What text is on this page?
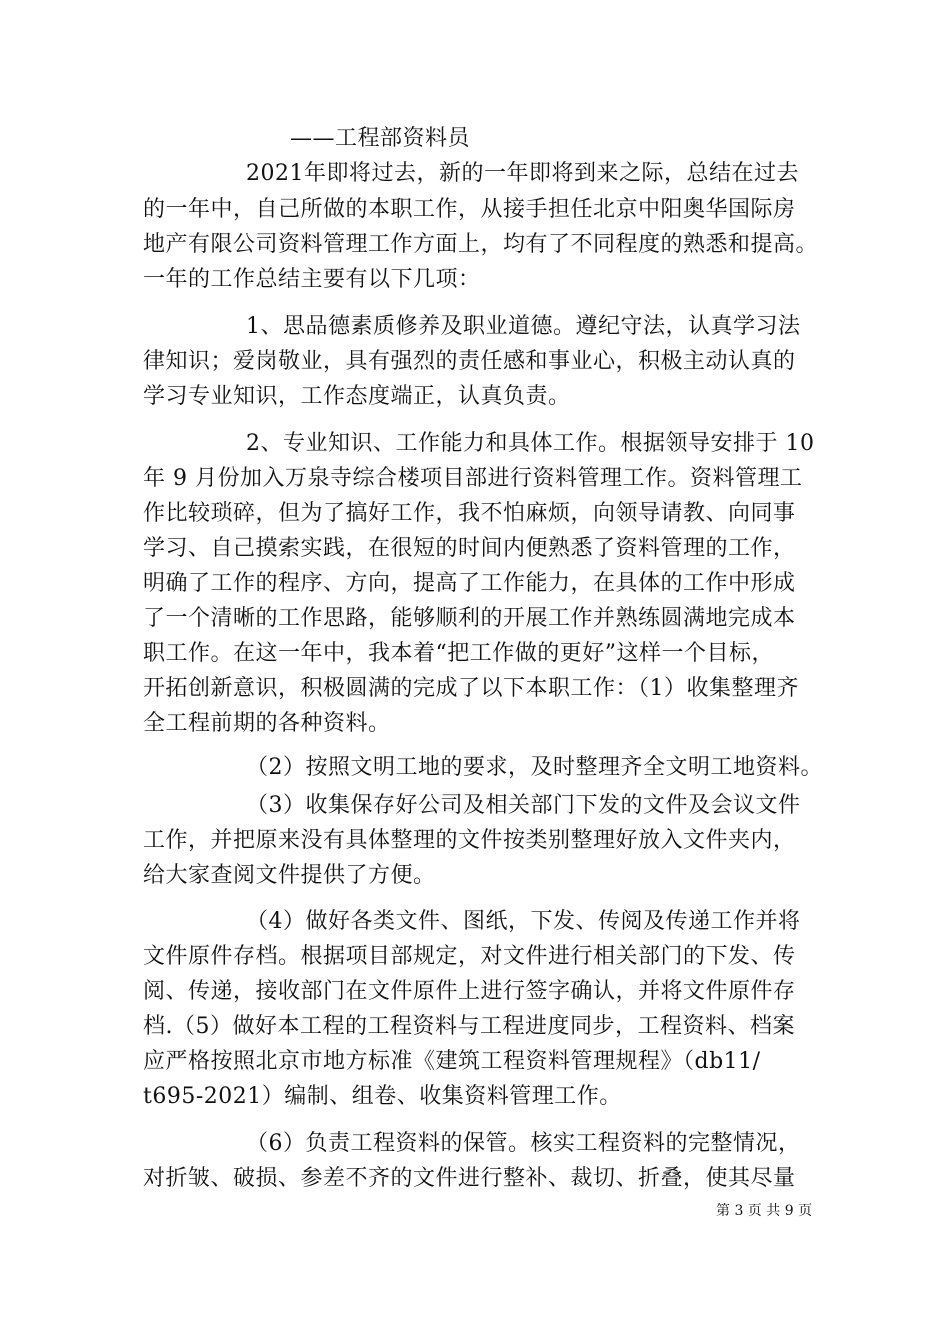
——工程部资料员
2021年即将过去，新的一年即将到来之际，总结在过去
的一年中，自己所做的本职工作，从接手担任北京中阳奥华国际房
地产有限公司资料管理工作方面上，均有了不同程度的熟悉和提高。
一年的工作总结主要有以下几项：
1、思品德素质修养及职业道德。遵纪守法，认真学习法
律知识；爱岗敬业，具有强烈的责任感和事业心，积极主动认真的
学习专业知识，工作态度端正，认真负责。
2、专业知识、工作能力和具体工作。根据领导安排于 10
年 9 月份加入万泉寺综合楼项目部进行资料管理工作。资料管理工
作比较琐碎，但为了搞好工作，我不怕麻烦，向领导请教、向同事
学习、自己摸索实践，在很短的时间内便熟悉了资料管理的工作，
明确了工作的程序、方向，提高了工作能力，在具体的工作中形成
了一个清晰的工作思路，能够顺利的开展工作并熟练圆满地完成本
职工作。在这一年中，我本着“把工作做的更好”这样一个目标，
开拓创新意识，积极圆满的完成了以下本职工作：（1）收集整理齐
全工程前期的各种资料。
（2）按照文明工地的要求，及时整理齐全文明工地资料。
（3）收集保存好公司及相关部门下发的文件及会议文件
工作，并把原来没有具体整理的文件按类别整理好放入文件夹内，
给大家查阅文件提供了方便。
（4）做好各类文件、图纸，下发、传阅及传递工作并将
文件原件存档。根据项目部规定，对文件进行相关部门的下发、传
阅、传递，接收部门在文件原件上进行签字确认，并将文件原件存
档.（5）做好本工程的工程资料与工程进度同步，工程资料、档案
应严格按照北京市地方标准《建筑工程资料管理规程》（db11/
t695-2021）编制、组卷、收集资料管理工作。
（6）负责工程资料的保管。核实工程资料的完整情况，
对折皱、破损、参差不齐的文件进行整补、裁切、折叠，使其尽量
第 3 页 共 9 页
